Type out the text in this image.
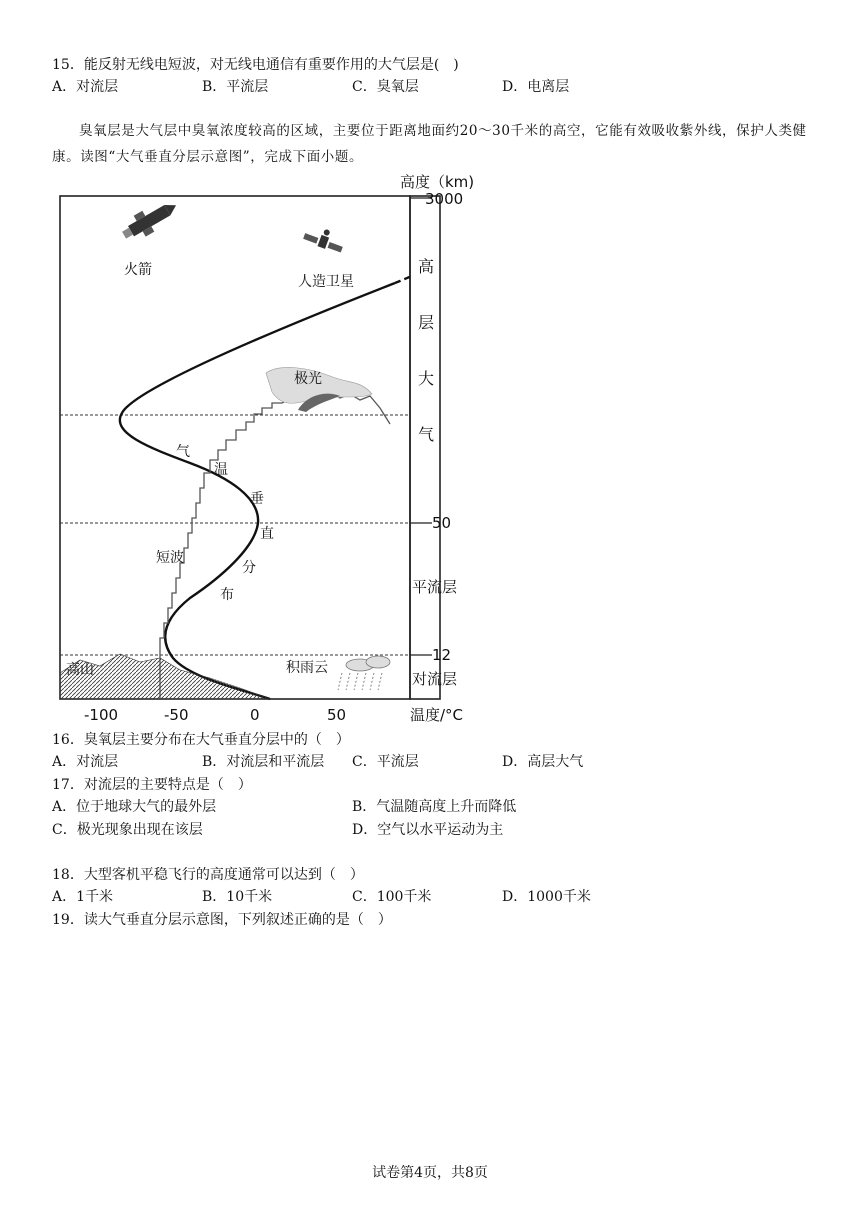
15．能反射无线电短波，对无线电通信有重要作用的大气层是(　)
A．对流层	B．平流层	C．臭氧层	D．电离层
臭氧层是大气层中臭氧浓度较高的区域，主要位于距离地面约20～30千米的高空，它能有效吸收紫外线，保护人类健康。读图“大气垂直分层示意图”，完成下面小题。
高度（km)
3000
50
12
极光
火箭
人造卫星
高山	积雨云
短波
气
温
垂
直
分
布
高
层
大
气
平流层
对流层
-100	-50	0	50	温度/°C
16．臭氧层主要分布在大气垂直分层中的（　）
A．对流层	B．对流层和平流层 C．平流层	D．高层大气
17．对流层的主要特点是（　）
A．位于地球大气的最外层	B．气温随高度上升而降低
C．极光现象出现在该层	D．空气以水平运动为主
18．大型客机平稳飞行的高度通常可以达到（　）
A．1千米	B．10千米	C．100千米	D．1000千米
19．读大气垂直分层示意图，下列叙述正确的是（　）
试卷第4页，共8页
